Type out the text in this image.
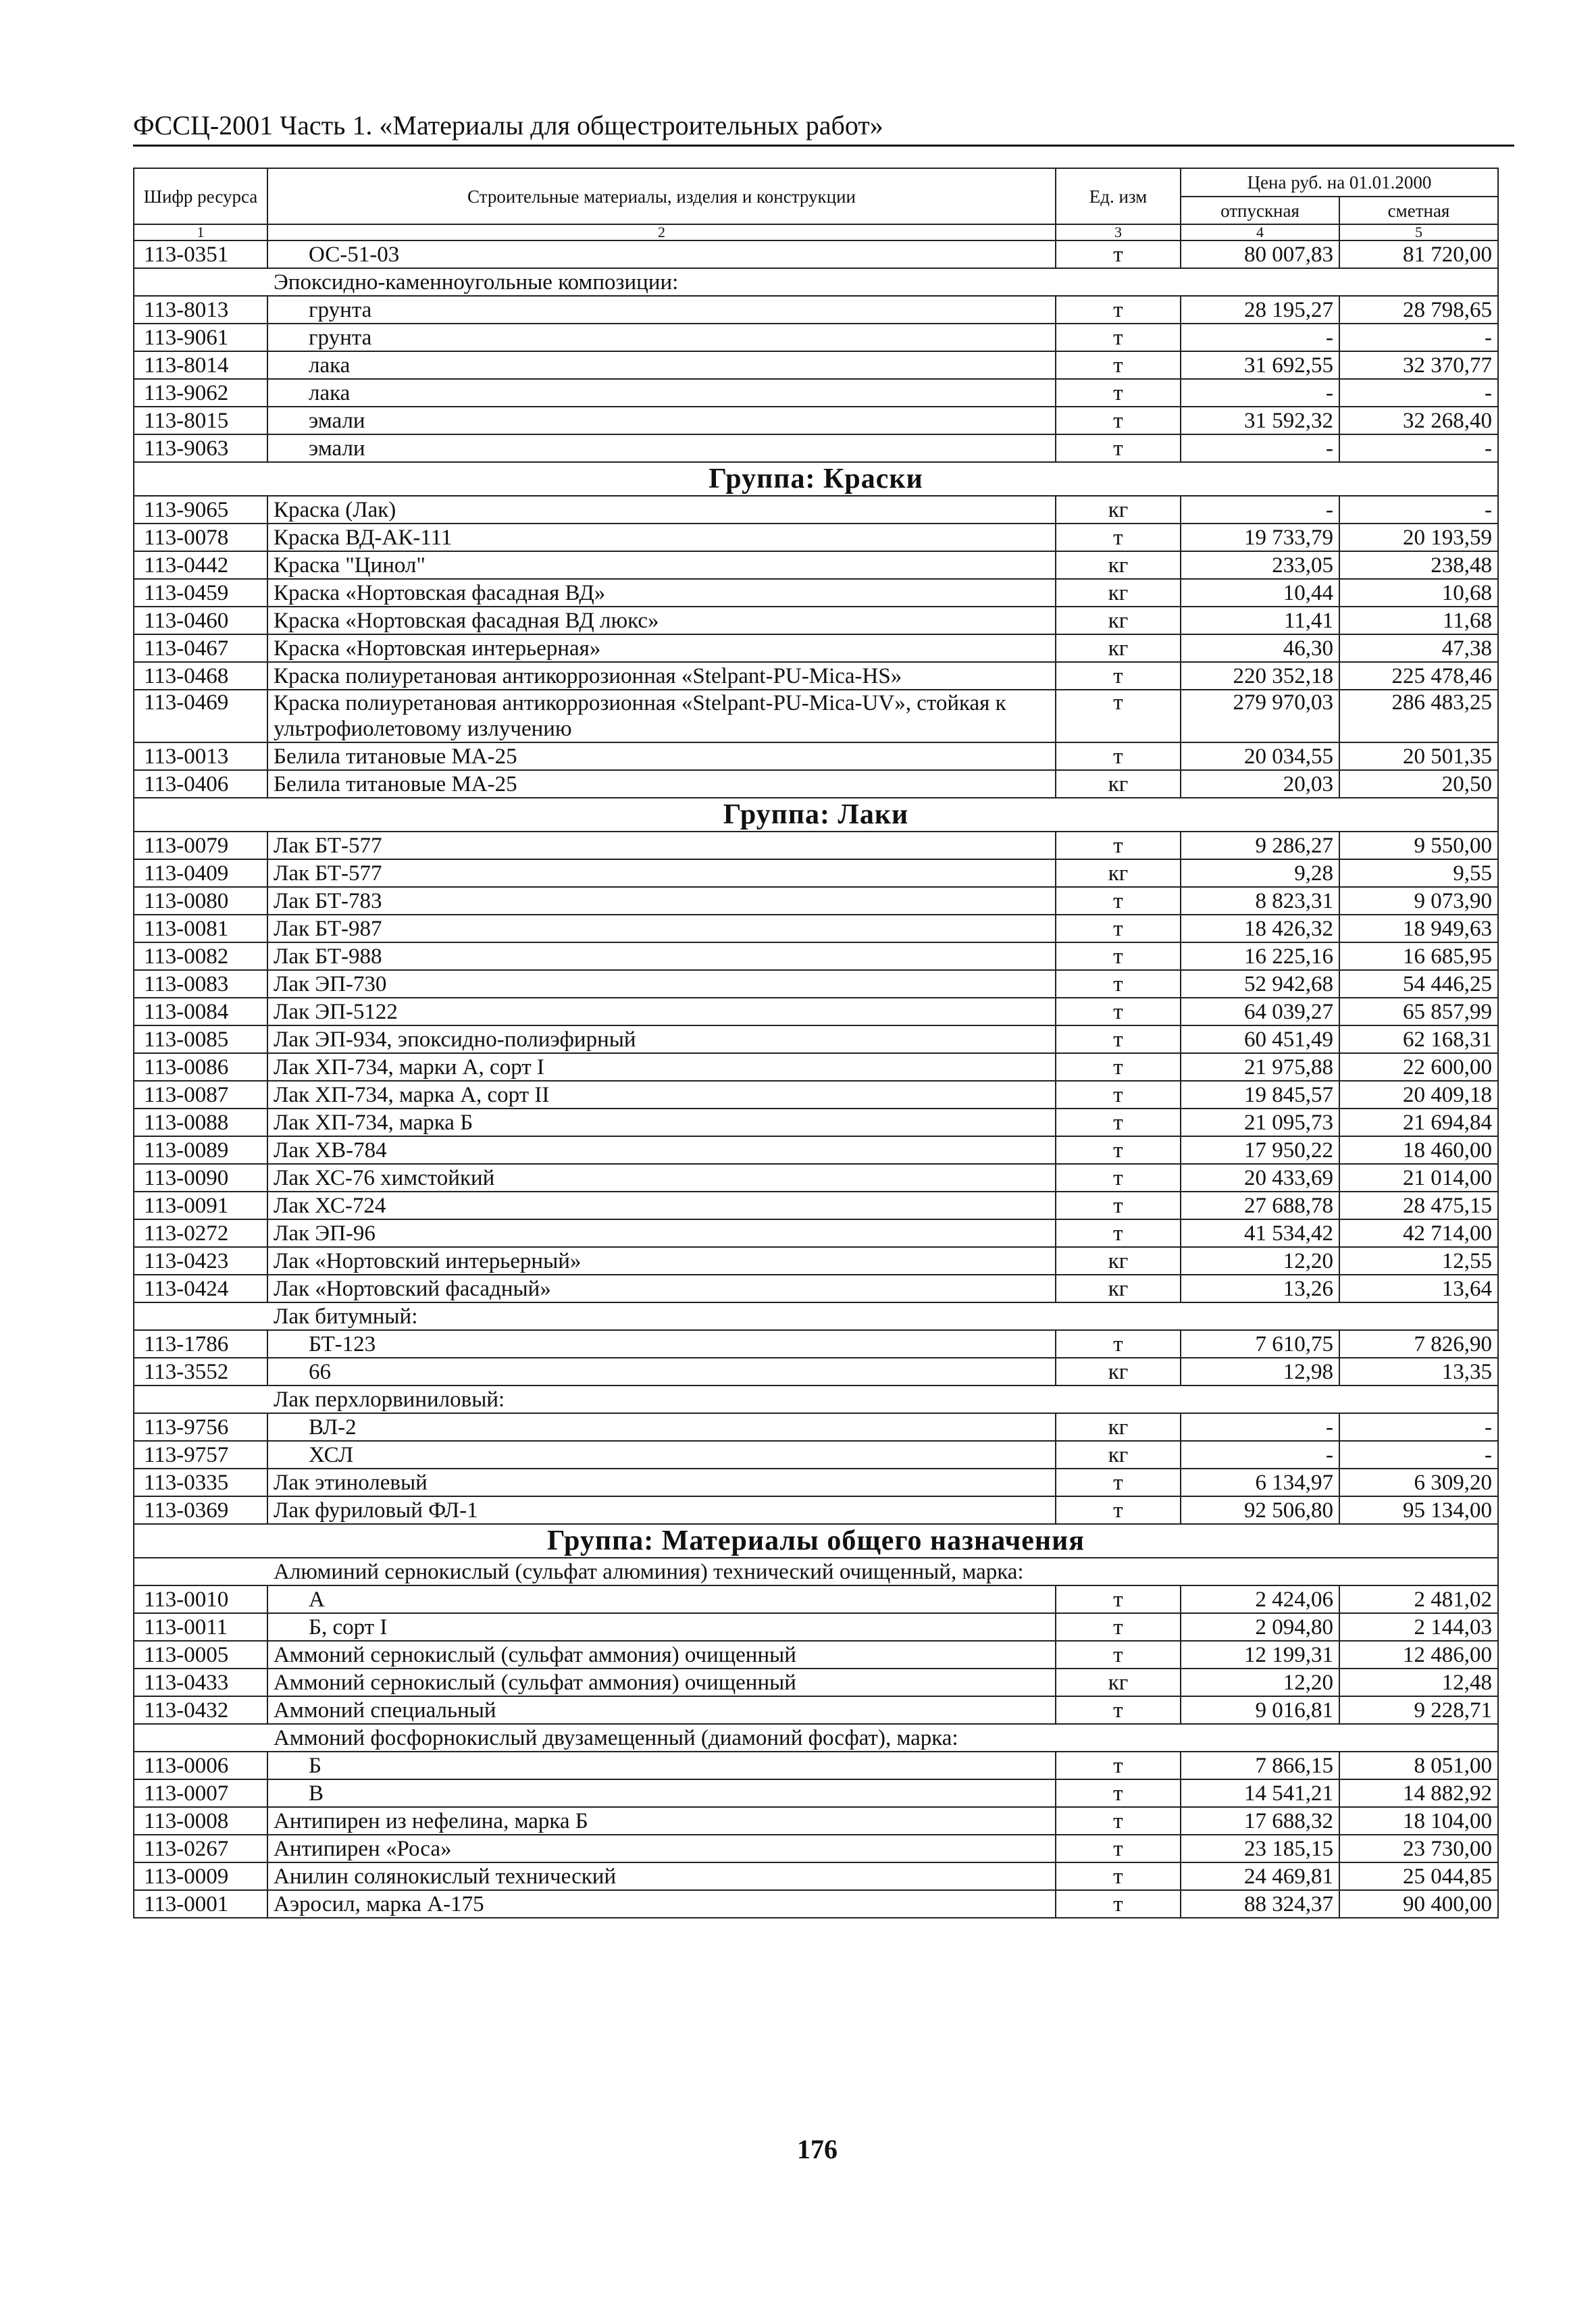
ФССЦ-2001 Часть 1. «Материалы для общестроительных работ»
Шифр ресурса	Строительные материалы, изделия и конструкции	Ед. изм	Цена руб. на 01.01.2000	
			отпускная	сметная
1	2	3	4	5
113-0351	ОС-51-03	т	80 007,83	81 720,00
Эпоксидно-каменноугольные композиции:				
113-8013	грунта	т	28 195,27	28 798,65
113-9061	грунта	т	-	-
113-8014	лака	т	31 692,55	32 370,77
113-9062	лака	т	-	-
113-8015	эмали	т	31 592,32	32 268,40
113-9063	эмали	т	-	-
Группа: Краски				
113-9065	Краска (Лак)	кг	-	-
113-0078	Краска ВД-АК-111	т	19 733,79	20 193,59
113-0442	Краска "Цинол"	кг	233,05	238,48
113-0459	Краска «Нортовская фасадная ВД»	кг	10,44	10,68
113-0460	Краска «Нортовская фасадная ВД люкс»	кг	11,41	11,68
113-0467	Краска «Нортовская интерьерная»	кг	46,30	47,38
113-0468	Краска полиуретановая антикоррозионная «Stelpant-PU-Mica-HS»	т	220 352,18	225 478,46
113-0469	Краска полиуретановая антикоррозионная «Stelpant-PU-Mica-UV», стойкая к ультрофиолетовому излучению	т	279 970,03	286 483,25
113-0013	Белила титановые МА-25	т	20 034,55	20 501,35
113-0406	Белила титановые МА-25	кг	20,03	20,50
Группа: Лаки				
113-0079	Лак БТ-577	т	9 286,27	9 550,00
113-0409	Лак БТ-577	кг	9,28	9,55
113-0080	Лак БТ-783	т	8 823,31	9 073,90
113-0081	Лак БТ-987	т	18 426,32	18 949,63
113-0082	Лак БТ-988	т	16 225,16	16 685,95
113-0083	Лак ЭП-730	т	52 942,68	54 446,25
113-0084	Лак ЭП-5122	т	64 039,27	65 857,99
113-0085	Лак ЭП-934, эпоксидно-полиэфирный	т	60 451,49	62 168,31
113-0086	Лак ХП-734, марки А, сорт I	т	21 975,88	22 600,00
113-0087	Лак ХП-734, марка А, сорт II	т	19 845,57	20 409,18
113-0088	Лак ХП-734, марка Б	т	21 095,73	21 694,84
113-0089	Лак ХВ-784	т	17 950,22	18 460,00
113-0090	Лак ХС-76 химстойкий	т	20 433,69	21 014,00
113-0091	Лак ХС-724	т	27 688,78	28 475,15
113-0272	Лак ЭП-96	т	41 534,42	42 714,00
113-0423	Лак «Нортовский интерьерный»	кг	12,20	12,55
113-0424	Лак «Нортовский фасадный»	кг	13,26	13,64
Лак битумный:				
113-1786	БТ-123	т	7 610,75	7 826,90
113-3552	66	кг	12,98	13,35
Лак перхлорвиниловый:				
113-9756	ВЛ-2	кг	-	-
113-9757	ХСЛ	кг	-	-
113-0335	Лак этинолевый	т	6 134,97	6 309,20
113-0369	Лак фуриловый ФЛ-1	т	92 506,80	95 134,00
Группа: Материалы общего назначения				
Алюминий сернокислый (сульфат алюминия) технический очищенный, марка:				
113-0010	А	т	2 424,06	2 481,02
113-0011	Б, сорт I	т	2 094,80	2 144,03
113-0005	Аммоний сернокислый (сульфат аммония) очищенный	т	12 199,31	12 486,00
113-0433	Аммоний сернокислый (сульфат аммония) очищенный	кг	12,20	12,48
113-0432	Аммоний специальный	т	9 016,81	9 228,71
Аммоний фосфорнокислый двузамещенный (диамоний фосфат), марка:				
113-0006	Б	т	7 866,15	8 051,00
113-0007	В	т	14 541,21	14 882,92
113-0008	Антипирен из нефелина, марка Б	т	17 688,32	18 104,00
113-0267	Антипирен «Роса»	т	23 185,15	23 730,00
113-0009	Анилин солянокислый технический	т	24 469,81	25 044,85
113-0001	Аэросил, марка А-175	т	88 324,37	90 400,00
176
